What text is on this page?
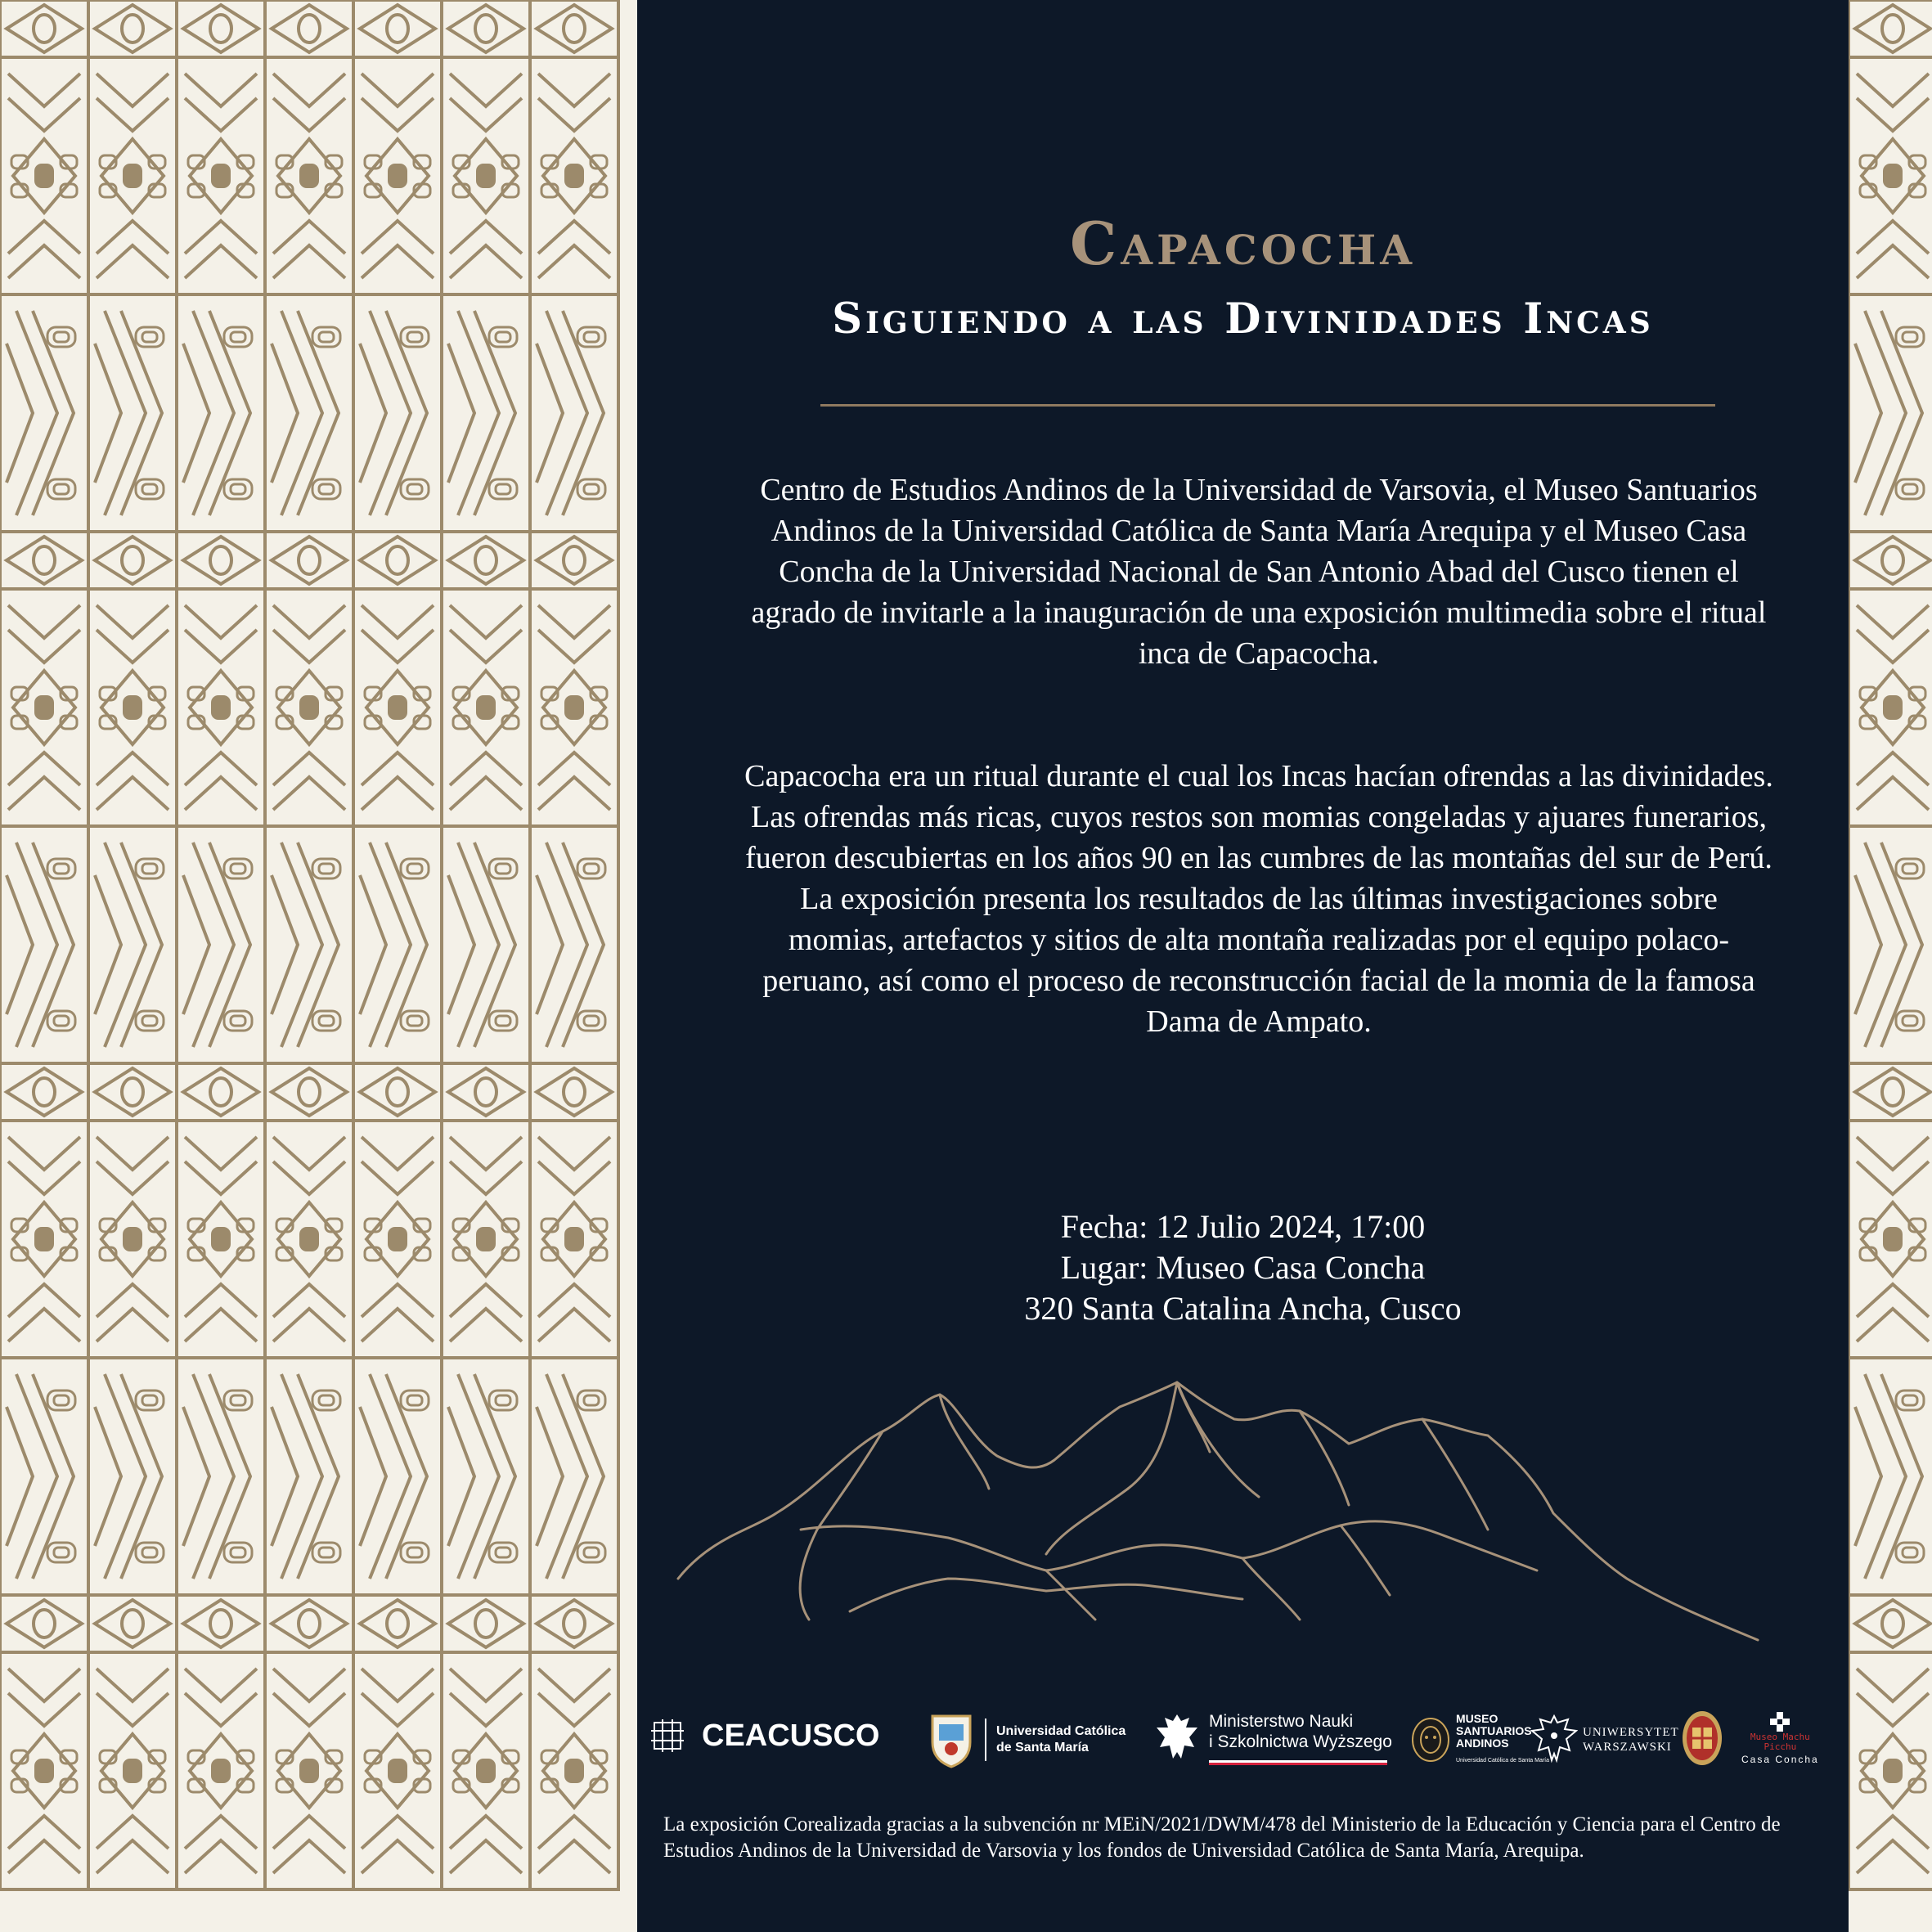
Capacocha
Siguiendo a las Divinidades Incas

Centro de Estudios Andinos de la Universidad de Varsovia, el Museo Santuarios Andinos de la Universidad Católica de Santa María Arequipa y el Museo Casa Concha de la Universidad Nacional de San Antonio Abad del Cusco tienen el agrado de invitarle a la inauguración de una exposición multimedia sobre el ritual inca de Capacocha.

Capacocha era un ritual durante el cual los Incas hacían ofrendas a las divinidades. Las ofrendas más ricas, cuyos restos son momias congeladas y ajuares funerarios, fueron descubiertas en los años 90 en las cumbres de las montañas del sur de Perú. La exposición presenta los resultados de las últimas investigaciones sobre momias, artefactos y sitios de alta montaña realizadas por el equipo polaco-peruano, así como el proceso de reconstrucción facial de la momia de la famosa Dama de Ampato.

Fecha: 12 Julio 2024, 17:00
Lugar: Museo Casa Concha
320 Santa Catalina Ancha, Cusco
CEACUSCO	Universidad Católica
de Santa María
Ministerstwo Nauki
i Szkolnictwa Wyższego
MUSEO
SANTUARIOS
ANDINOS
Universidad Católica de Santa María
UNIWERSYTET
WARSZAWSKI
Museo Machu
Picchu
Casa Concha
La exposición Corealizada gracias a la subvención nr MEiN/2021/DWM/478 del Ministerio de la Educación y Ciencia para el Centro de Estudios Andinos de la Universidad de Varsovia y los fondos de Universidad Católica de Santa María, Arequipa.
